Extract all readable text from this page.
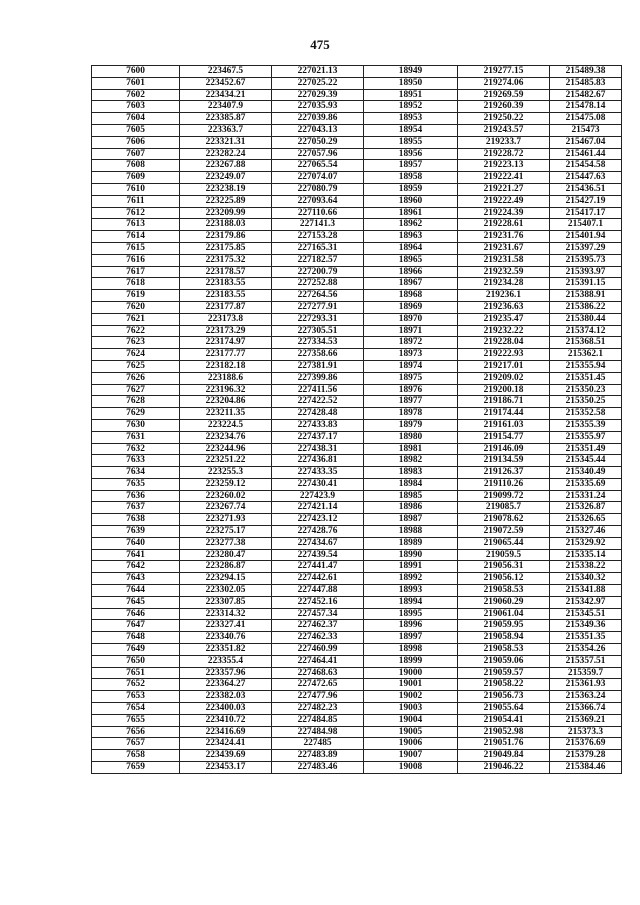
475
7600	223467.5	227021.13	18949	219277.15	215489.38
7601	223452.67	227025.22	18950	219274.06	215485.83
7602	223434.21	227029.39	18951	219269.59	215482.67
7603	223407.9	227035.93	18952	219260.39	215478.14
7604	223385.87	227039.86	18953	219250.22	215475.08
7605	223363.7	227043.13	18954	219243.57	215473
7606	223321.31	227050.29	18955	219233.7	215467.04
7607	223282.24	227057.96	18956	219228.72	215461.44
7608	223267.88	227065.54	18957	219223.13	215454.58
7609	223249.07	227074.07	18958	219222.41	215447.63
7610	223238.19	227080.79	18959	219221.27	215436.51
7611	223225.89	227093.64	18960	219222.49	215427.19
7612	223209.99	227110.66	18961	219224.39	215417.17
7613	223188.03	227141.3	18962	219228.61	215407.1
7614	223179.86	227153.28	18963	219231.76	215401.94
7615	223175.85	227165.31	18964	219231.67	215397.29
7616	223175.32	227182.57	18965	219231.58	215395.73
7617	223178.57	227200.79	18966	219232.59	215393.97
7618	223183.55	227252.88	18967	219234.28	215391.15
7619	223183.55	227264.56	18968	219236.1	215388.91
7620	223177.87	227277.91	18969	219236.63	215386.22
7621	223173.8	227293.31	18970	219235.47	215380.44
7622	223173.29	227305.51	18971	219232.22	215374.12
7623	223174.97	227334.53	18972	219228.04	215368.51
7624	223177.77	227358.66	18973	219222.93	215362.1
7625	223182.18	227381.91	18974	219217.01	215355.94
7626	223188.6	227399.86	18975	219209.02	215351.45
7627	223196.32	227411.56	18976	219200.18	215350.23
7628	223204.86	227422.52	18977	219186.71	215350.25
7629	223211.35	227428.48	18978	219174.44	215352.58
7630	223224.5	227433.83	18979	219161.03	215355.39
7631	223234.76	227437.17	18980	219154.77	215355.97
7632	223244.96	227438.31	18981	219146.09	215351.49
7633	223251.22	227436.81	18982	219134.59	215345.44
7634	223255.3	227433.35	18983	219126.37	215340.49
7635	223259.12	227430.41	18984	219110.26	215335.69
7636	223260.02	227423.9	18985	219099.72	215331.24
7637	223267.74	227421.14	18986	219085.7	215326.87
7638	223271.93	227423.12	18987	219078.62	215326.65
7639	223275.17	227428.76	18988	219072.59	215327.46
7640	223277.38	227434.67	18989	219065.44	215329.92
7641	223280.47	227439.54	18990	219059.5	215335.14
7642	223286.87	227441.47	18991	219056.31	215338.22
7643	223294.15	227442.61	18992	219056.12	215340.32
7644	223302.05	227447.88	18993	219058.53	215341.88
7645	223307.85	227452.16	18994	219060.29	215342.97
7646	223314.32	227457.34	18995	219061.04	215345.51
7647	223327.41	227462.37	18996	219059.95	215349.36
7648	223340.76	227462.33	18997	219058.94	215351.35
7649	223351.82	227460.99	18998	219058.53	215354.26
7650	223355.4	227464.41	18999	219059.06	215357.51
7651	223357.96	227468.63	19000	219059.57	215359.7
7652	223364.27	227472.65	19001	219058.22	215361.93
7653	223382.03	227477.96	19002	219056.73	215363.24
7654	223400.03	227482.23	19003	219055.64	215366.74
7655	223410.72	227484.85	19004	219054.41	215369.21
7656	223416.69	227484.98	19005	219052.98	215373.3
7657	223424.41	227485	19006	219051.76	215376.69
7658	223439.69	227483.89	19007	219049.84	215379.28
7659	223453.17	227483.46	19008	219046.22	215384.46
